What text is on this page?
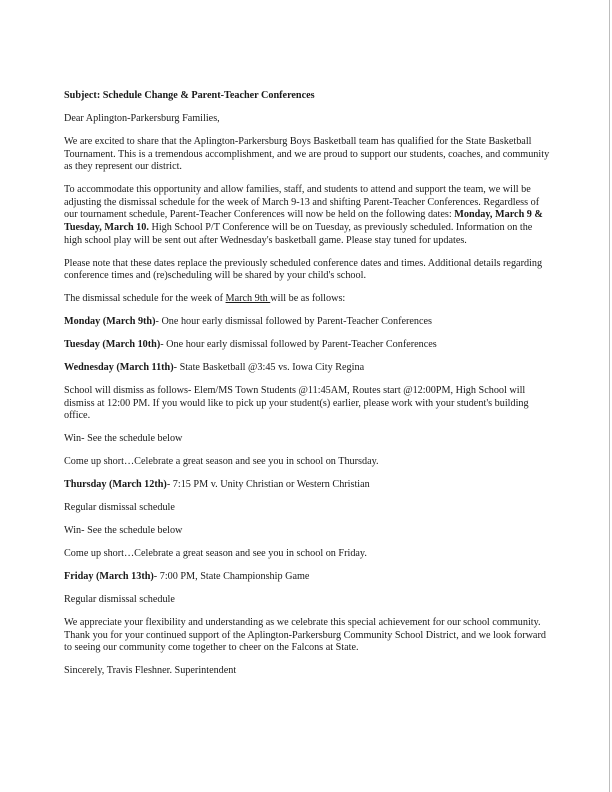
Subject: Schedule Change & Parent-Teacher Conferences

Dear Aplington-Parkersburg Families,

We are excited to share that the Aplington-Parkersburg Boys Basketball team has qualified for the State Basketball Tournament. This is a tremendous accomplishment, and we are proud to support our students, coaches, and community as they represent our district.

To accommodate this opportunity and allow families, staff, and students to attend and support the team, we will be adjusting the dismissal schedule for the week of March 9-13 and shifting Parent-Teacher Conferences. Regardless of our tournament schedule, Parent-Teacher Conferences will now be held on the following dates: Monday, March 9 & Tuesday, March 10. High School P/T Conference will be on Tuesday, as previously scheduled. Information on the high school play will be sent out after Wednesday's basketball game. Please stay tuned for updates.

Please note that these dates replace the previously scheduled conference dates and times. Additional details regarding conference times and (re)scheduling will be shared by your child's school.

The dismissal schedule for the week of March 9th will be as follows:

Monday (March 9th)- One hour early dismissal followed by Parent-Teacher Conferences

Tuesday (March 10th)- One hour early dismissal followed by Parent-Teacher Conferences

Wednesday (March 11th)- State Basketball @3:45 vs. Iowa City Regina

School will dismiss as follows- Elem/MS Town Students @11:45AM, Routes start @12:00PM, High School will dismiss at 12:00 PM. If you would like to pick up your student(s) earlier, please work with your student's building office.

Win- See the schedule below

Come up short…Celebrate a great season and see you in school on Thursday.

Thursday (March 12th)- 7:15 PM v. Unity Christian or Western Christian

Regular dismissal schedule

Win- See the schedule below

Come up short…Celebrate a great season and see you in school on Friday.

Friday (March 13th)- 7:00 PM, State Championship Game

Regular dismissal schedule

We appreciate your flexibility and understanding as we celebrate this special achievement for our school community. Thank you for your continued support of the Aplington-Parkersburg Community School District, and we look forward to seeing our community come together to cheer on the Falcons at State.

Sincerely, Travis Fleshner. Superintendent
